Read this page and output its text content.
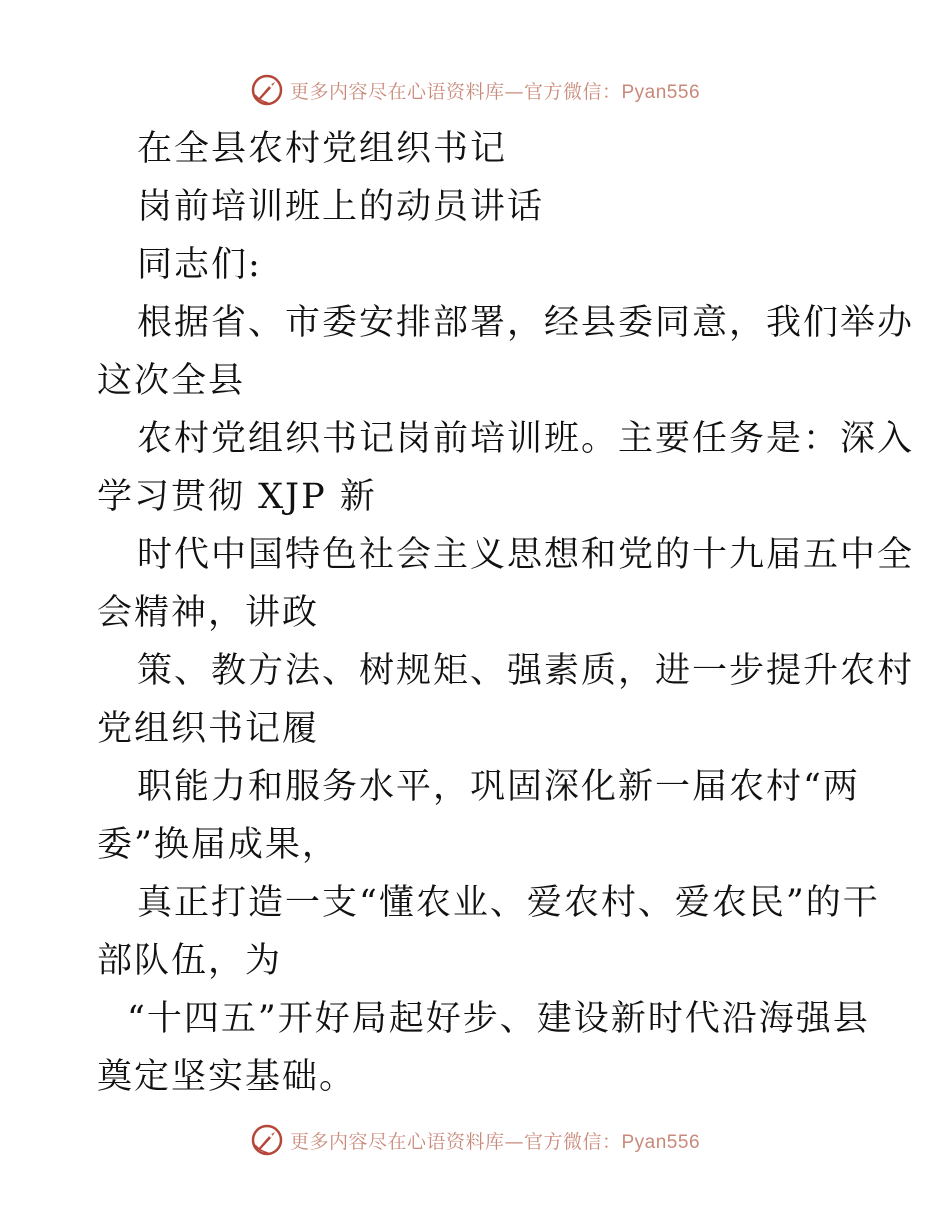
更多内容尽在心语资料库—官方微信：Pyan556
在全县农村党组织书记
岗前培训班上的动员讲话
同志们:
根据省、市委安排部署，经县委同意，我们举办
这次全县
农村党组织书记岗前培训班。主要任务是：深入
学习贯彻 XJP 新
时代中国特色社会主义思想和党的十九届五中全
会精神，讲政
策、教方法、树规矩、强素质，进一步提升农村
党组织书记履
职能力和服务水平，巩固深化新一届农村“两
委”换届成果，
真正打造一支“懂农业、爱农村、爱农民”的干
部队伍，为
“十四五”开好局起好步、建设新时代沿海强县
奠定坚实基础。
更多内容尽在心语资料库—官方微信：Pyan556
